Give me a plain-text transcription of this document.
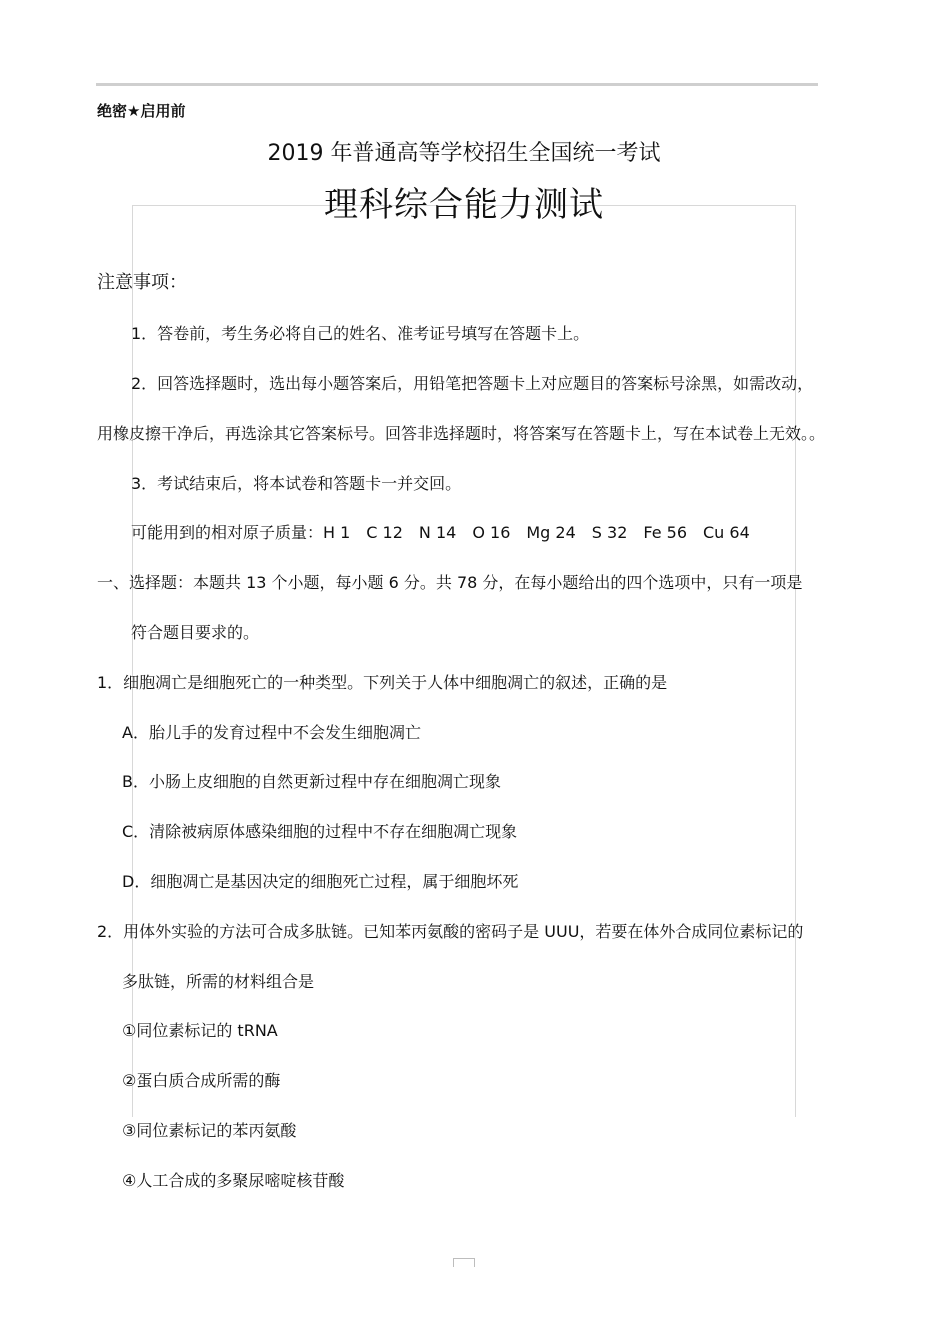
绝密★启用前
2019 年普通高等学校招生全国统一考试
理科综合能力测试
注意事项：
1．答卷前，考生务必将自己的姓名、准考证号填写在答题卡上。
2．回答选择题时，选出每小题答案后，用铅笔把答题卡上对应题目的答案标号涂黑，如需改动，
用橡皮擦干净后，再选涂其它答案标号。回答非选择题时，将答案写在答题卡上，写在本试卷上无效。。
3．考试结束后，将本试卷和答题卡一并交回。
可能用到的相对原子质量：H 1　C 12　N 14　O 16　Mg 24　S 32　Fe 56　Cu 64
一、选择题：本题共 13 个小题，每小题 6 分。共 78 分，在每小题给出的四个选项中，只有一项是
符合题目要求的。
1．细胞凋亡是细胞死亡的一种类型。下列关于人体中细胞凋亡的叙述，正确的是
A．胎儿手的发育过程中不会发生细胞凋亡
B．小肠上皮细胞的自然更新过程中存在细胞凋亡现象
C．清除被病原体感染细胞的过程中不存在细胞凋亡现象
D．细胞凋亡是基因决定的细胞死亡过程，属于细胞坏死
2．用体外实验的方法可合成多肽链。已知苯丙氨酸的密码子是 UUU，若要在体外合成同位素标记的
多肽链，所需的材料组合是
①同位素标记的 tRNA
②蛋白质合成所需的酶
③同位素标记的苯丙氨酸
④人工合成的多聚尿嘧啶核苷酸
